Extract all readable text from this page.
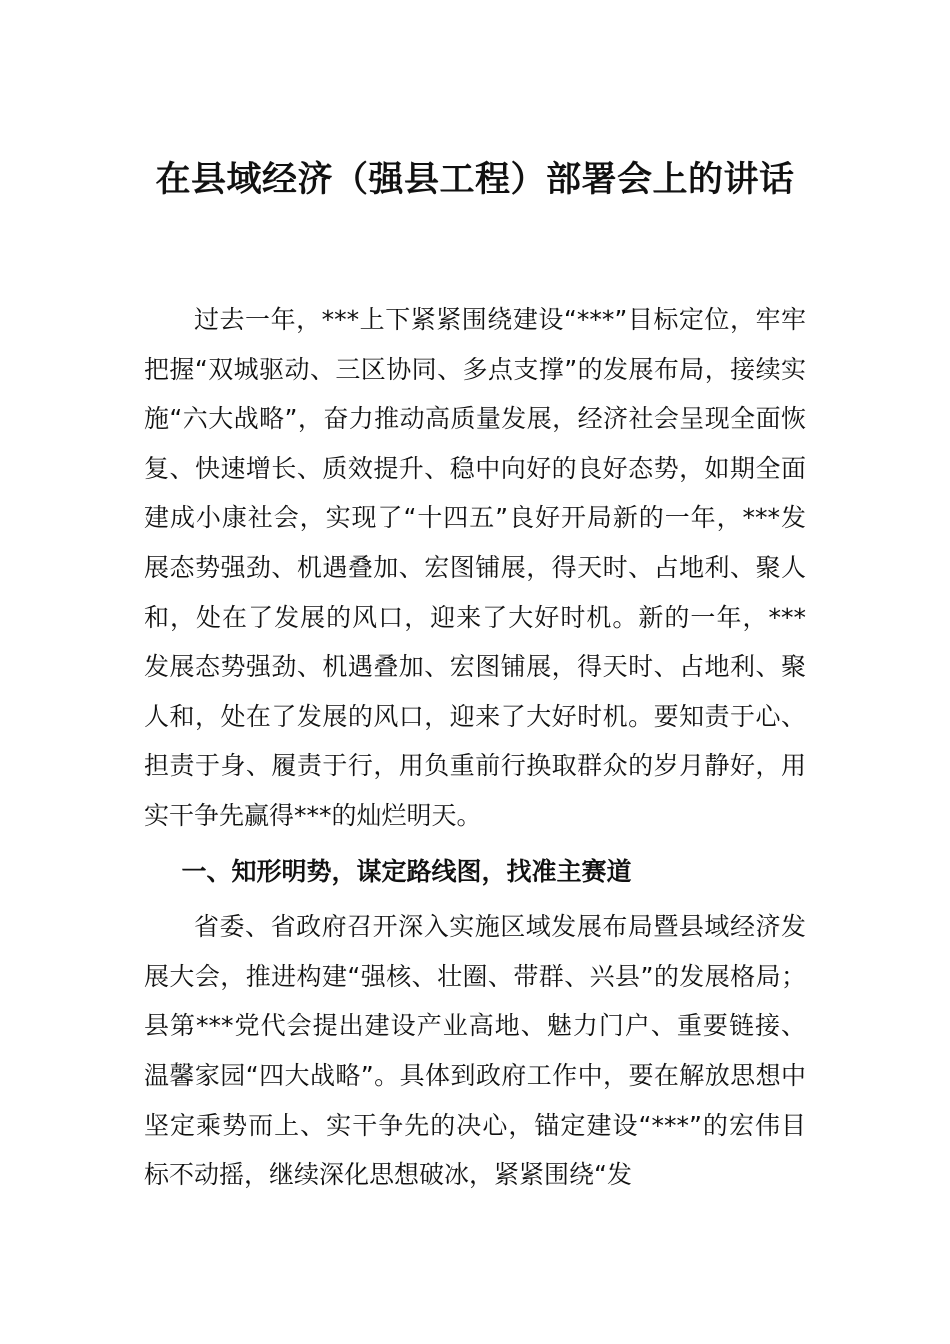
在县域经济（强县工程）部署会上的讲话

过去一年，***上下紧紧围绕建设“***”目标定位，牢牢把握“双城驱动、三区协同、多点支撑”的发展布局，接续实施“六大战略”，奋力推动高质量发展，经济社会呈现全面恢复、快速增长、质效提升、稳中向好的良好态势，如期全面建成小康社会，实现了“十四五”良好开局新的一年，***发展态势强劲、机遇叠加、宏图铺展，得天时、占地利、聚人和，处在了发展的风口，迎来了大好时机。新的一年，***发展态势强劲、机遇叠加、宏图铺展，得天时、占地利、聚人和，处在了发展的风口，迎来了大好时机。要知责于心、担责于身、履责于行，用负重前行换取群众的岁月静好，用实干争先赢得***的灿烂明天。

一、知形明势，谋定路线图，找准主赛道

省委、省政府召开深入实施区域发展布局暨县域经济发展大会，推进构建“强核、壮圈、带群、兴县”的发展格局；县第***党代会提出建设产业高地、魅力门户、重要链接、温馨家园“四大战略”。具体到政府工作中，要在解放思想中坚定乘势而上、实干争先的决心，锚定建设“***”的宏伟目标不动摇，继续深化思想破冰，紧紧围绕“发
